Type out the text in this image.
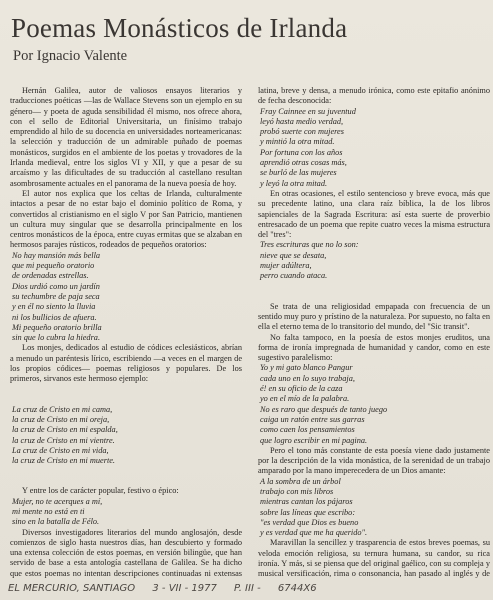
Poemas Monásticos de Irlanda
Por Ignacio Valente

Hernán Galilea, autor de valiosos ensayos literarios y traducciones poéticas —las de Wallace Stevens son un ejemplo en su género— y poeta de aguda sensibilidad él mismo, nos ofrece ahora, con el sello de Editorial Universitaria, un finísimo trabajo emprendido al hilo de su docencia en universidades norteamericanas: la selección y traducción de un admirable puñado de poemas monásticos, surgidos en el ambiente de los poetas y trovadores de la Irlanda medieval, entre los siglos VI y XII, y que a pesar de su arcaísmo y las dificultades de su traducción al castellano resultan asombrosamente actuales en el panorama de la nueva poesía de hoy.

El autor nos explica que los celtas de Irlanda, culturalmente intactos a pesar de no estar bajo el dominio político de Roma, y convertidos al cristianismo en el siglo V por San Patricio, mantienen un cultura muy singular que se desarrolla principalmente en los centros monásticos de la época, entre cuyas ermitas que se alzaban en hermosos parajes rústicos, rodeados de pequeños oratorios:

No hay mansión más bella
que mi pequeño oratorio
de ordenadas estrellas.
Dios urdió como un jardín
su techumbre de paja seca
y en él no siento la lluvia
ni los bullicios de afuera.
Mi pequeño oratorio brilla
sin que lo cubra la hiedra.

Los monjes, dedicados al estudio de códices eclesiásticos, abrían a menudo un paréntesis lírico, escribiendo —a veces en el margen de los propios códices— poemas religiosos y populares. De los primeros, sirvanos este hermoso ejemplo:

La cruz de Cristo en mi cama,
la cruz de Cristo en mi oreja,
la cruz de Cristo en mi espalda,
la cruz de Cristo en mi vientre.
La cruz de Cristo en mi vida,
la cruz de Cristo en mi muerte.

Y entre los de carácter popular, festivo o épico:

Mujer, no te acerques a mí,
mi mente no está en ti
sino en la batalla de Félo.

Diversos investigadores literarios del mundo anglosajón, desde comienzos de siglo hasta nuestros días, han descubierto y formado una extensa colección de estos poemas, en versión bilingüe, que han servido de base a esta antología castellana de Galilea. Se ha dicho que estos poemas no intentan descripciones continuadas ni extensas

latina, breve y densa, a menudo irónica, como este epitafio anónimo de fecha desconocida:

Fray Cainnee en su juventud
leyó hasta medio verdad,
probó suerte con mujeres
y mintió la otra mitad.
Por fortuna con los años
aprendió otras cosas más,
se burló de las mujeres
y leyó la otra mitad.

En otras ocasiones, el estilo sentencioso y breve evoca, más que su precedente latino, una clara raíz bíblica, la de los libros sapienciales de la Sagrada Escritura: así esta suerte de proverbio entresacado de un poema que repite cuatro veces la misma estructura del "tres":

Tres escrituras que no lo son:
nieve que se desata,
mujer adúltera,
perro cuando ataca.

Se trata de una religiosidad empapada con frecuencia de un sentido muy puro y prístino de la naturaleza. Por supuesto, no falta en ella el eterno tema de lo transitorio del mundo, del "Sic transit".

No falta tampoco, en la poesía de estos monjes eruditos, una forma de ironía impregnada de humanidad y candor, como en este sugestivo paralelismo:

Yo y mi gato blanco Pangur
cada uno en lo suyo trabaja,
é! en su oficio de la caza
yo en el mío de la palabra.
No es raro que después de tanto juego
caiga un ratón entre sus garras
como caen los pensamientos
que logro escribir en mi pagina.

Pero el tono más constante de esta poesía viene dado justamente por la descripción de la vida monástica, de la serenidad de un trabajo amparado por la mano imperecedera de un Dios amante:

A la sombra de un árbol
trabajo con mis libros
mientras cantan los pájaros
sobre las líneas que escribo:
"es verdad que Dios es bueno
y es verdad que me ha querido".

Maravillan la sencillez y trasparencia de estos breves poemas, su veloda emoción religiosa, su ternura humana, su candor, su rica ironía. Y más, si se piensa que del original gaélico, con su compleja y musical versificación, rima o consonancia, han pasado al inglés y de

EL MERCURIO, SANTIAGO 3 - VII - 1977 P. III - 6744X6
